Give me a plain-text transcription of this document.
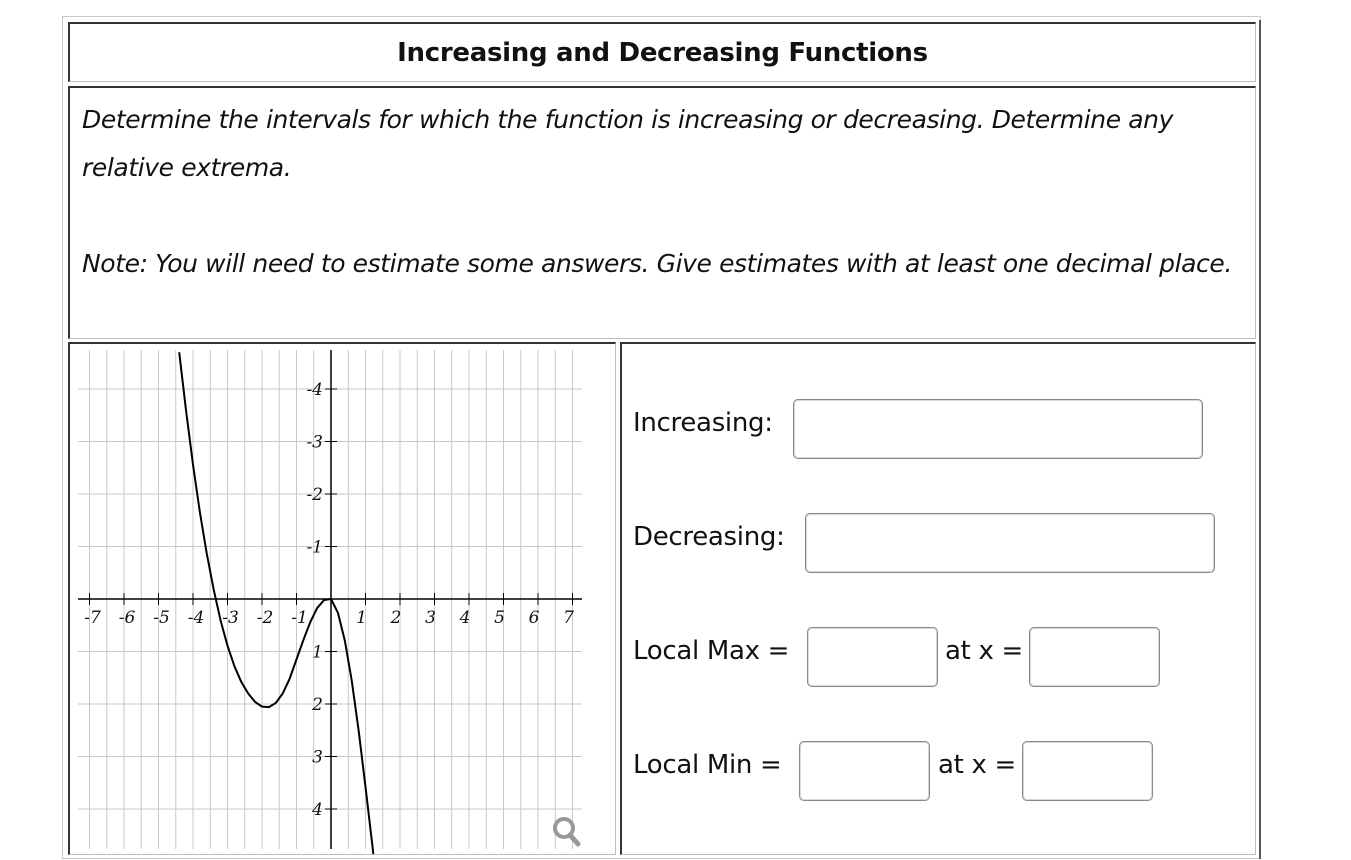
Increasing and Decreasing Functions

Determine the intervals for which the function is increasing or decreasing. Determine any relative extrema.

Note: You will need to estimate some answers. Give estimates with at least one decimal place.

-7 -6 -5 -4 -3 -2 -1	1 2 3 4 5 6 7
4
3
2
1
-1
-2
-3
-4
Increasing:
Decreasing:
Local Max =	at x =
Local Min =	at x =
